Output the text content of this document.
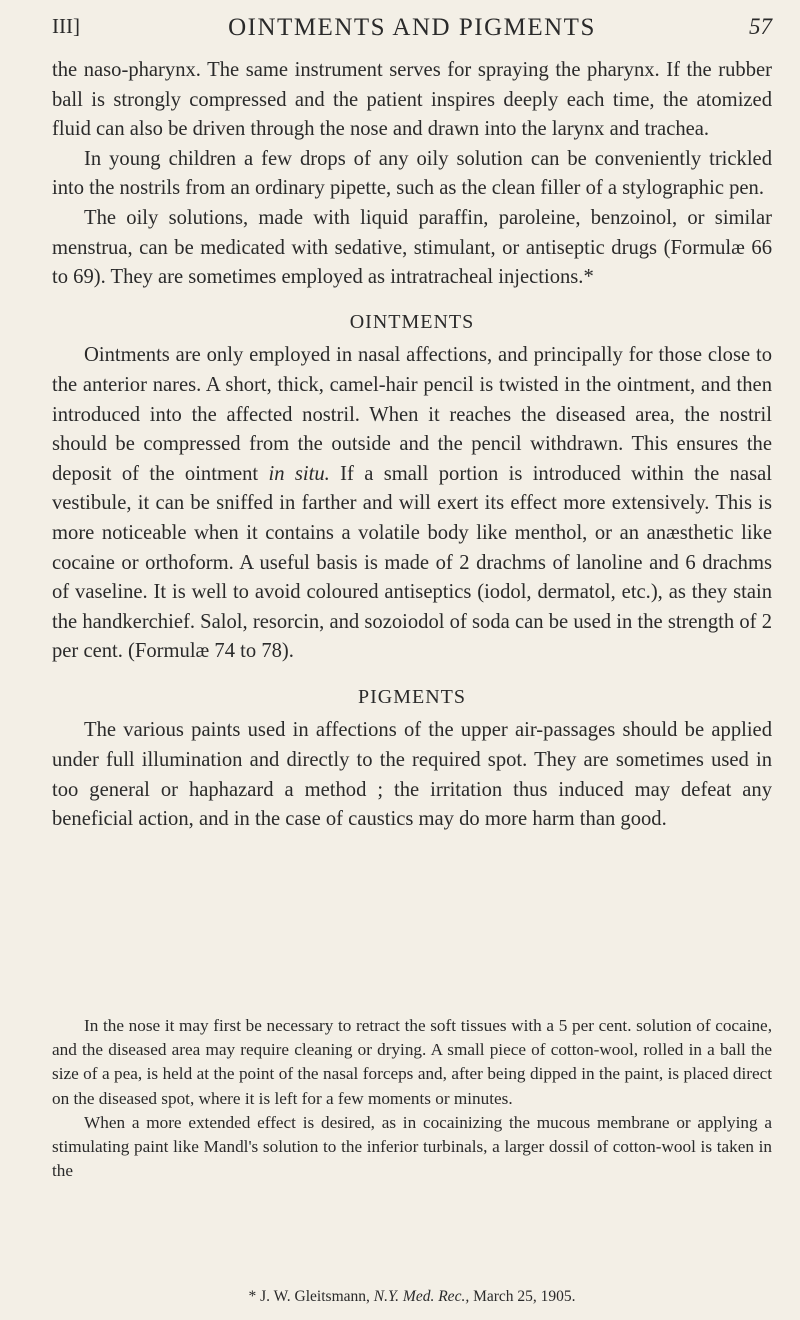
III]	OINTMENTS AND PIGMENTS	57

the naso-pharynx. The same instrument serves for spraying the pharynx. If the rubber ball is strongly compressed and the patient inspires deeply each time, the atomized fluid can also be driven through the nose and drawn into the larynx and trachea.

In young children a few drops of any oily solution can be conveniently trickled into the nostrils from an ordinary pipette, such as the clean filler of a stylographic pen.

The oily solutions, made with liquid paraffin, paroleine, benzoinol, or similar menstrua, can be medicated with sedative, stimulant, or antiseptic drugs (Formulæ 66 to 69). They are sometimes employed as intratracheal injections.*

OINTMENTS

Ointments are only employed in nasal affections, and principally for those close to the anterior nares. A short, thick, camel-hair pencil is twisted in the ointment, and then introduced into the affected nostril. When it reaches the diseased area, the nostril should be compressed from the outside and the pencil withdrawn. This ensures the deposit of the ointment in situ. If a small portion is introduced within the nasal vestibule, it can be sniffed in farther and will exert its effect more extensively. This is more noticeable when it contains a volatile body like menthol, or an anæsthetic like cocaine or orthoform. A useful basis is made of 2 drachms of lanoline and 6 drachms of vaseline. It is well to avoid coloured antiseptics (iodol, dermatol, etc.), as they stain the handkerchief. Salol, resorcin, and sozoiodol of soda can be used in the strength of 2 per cent. (Formulæ 74 to 78).

PIGMENTS

The various paints used in affections of the upper air-passages should be applied under full illumination and directly to the required spot. They are sometimes used in too general or haphazard a method ; the irritation thus induced may defeat any beneficial action, and in the case of caustics may do more harm than good.

In the nose it may first be necessary to retract the soft tissues with a 5 per cent. solution of cocaine, and the diseased area may require cleaning or drying. A small piece of cotton-wool, rolled in a ball the size of a pea, is held at the point of the nasal forceps and, after being dipped in the paint, is placed direct on the diseased spot, where it is left for a few moments or minutes.

When a more extended effect is desired, as in cocainizing the mucous membrane or applying a stimulating paint like Mandl's solution to the inferior turbinals, a larger dossil of cotton-wool is taken in the

* J. W. Gleitsmann, N.Y. Med. Rec., March 25, 1905.
